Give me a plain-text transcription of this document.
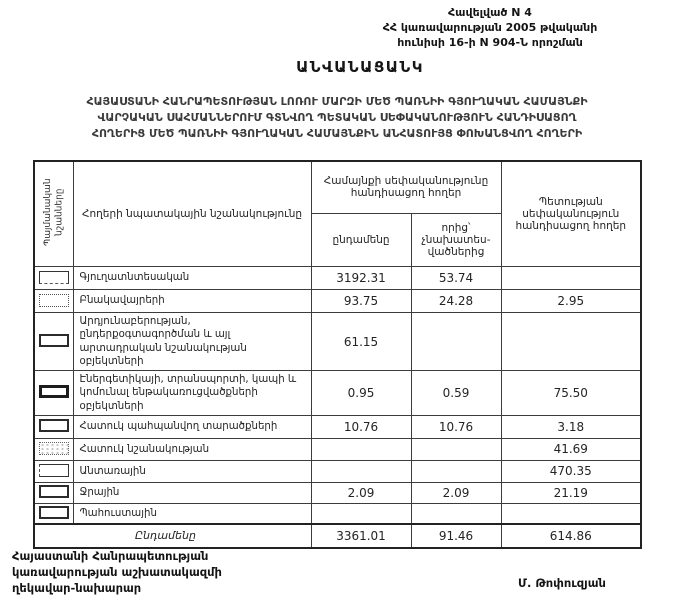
Հավելված N 4
ՀՀ կառավարության 2005 թվականի
հունիսի 16-ի N 904-Ն որոշման
ԱՆՎԱՆԱՑԱՆԿ
ՀԱՅԱՍՏԱՆԻ ՀԱՆՐԱՊԵՏՈՒԹՅԱՆ ԼՈՌՈՒ ՄԱՐԶԻ ՄԵԾ ՊԱՌՆԻԻ ԳՅՈՒՂԱԿԱՆ ՀԱՄԱՅՆՔԻ
ՎԱՐՉԱԿԱՆ ՍԱՀՄԱՆՆԵՐՈՒՄ ԳՏՆՎՈՂ ՊԵՏԱԿԱՆ ՍԵՓԱԿԱՆՈՒԹՅՈՒՆ ՀԱՆԴԻՍԱՑՈՂ
ՀՈՂԵՐԻՑ ՄԵԾ ՊԱՌՆԻԻ ԳՅՈՒՂԱԿԱՆ ՀԱՄԱՅՆՔԻՆ ԱՆՀԱՏՈՒՅՑ ՓՈԽԱՆՑՎՈՂ ՀՈՂԵՐԻ
Պայմանական նշանները	Հողերի նպատակային նշանակությունը	Համայնքի սեփականությունը հանդիսացող հողեր		Պետության սեփականություն հանդիսացող հողեր
		ընդամենը	որից՝ չնախատես-վածներից	
	Գյուղատնտեսական	3192.31	53.74	
	Բնակավայրերի	93.75	24.28	2.95
	Արդյունաբերության, ընդերքօգտագործման և այլ արտադրական նշանակության օբյեկտների	61.15		
	Էներգետիկայի, տրանսպորտի, կապի և կոմունալ ենթակառուցվածքների օբյեկտների	0.95	0.59	75.50
	Հատուկ պահպանվող տարածքների	10.76	10.76	3.18
	Հատուկ նշանակության			41.69
	Անտառային			470.35
	Ջրային	2.09	2.09	21.19
	Պահուստային			
Ընդամենը		3361.01	91.46	614.86
Հայաստանի Հանրապետության
կառավարության աշխատակազմի
ղեկավար-նախարար	Մ. Թոփուզյան
